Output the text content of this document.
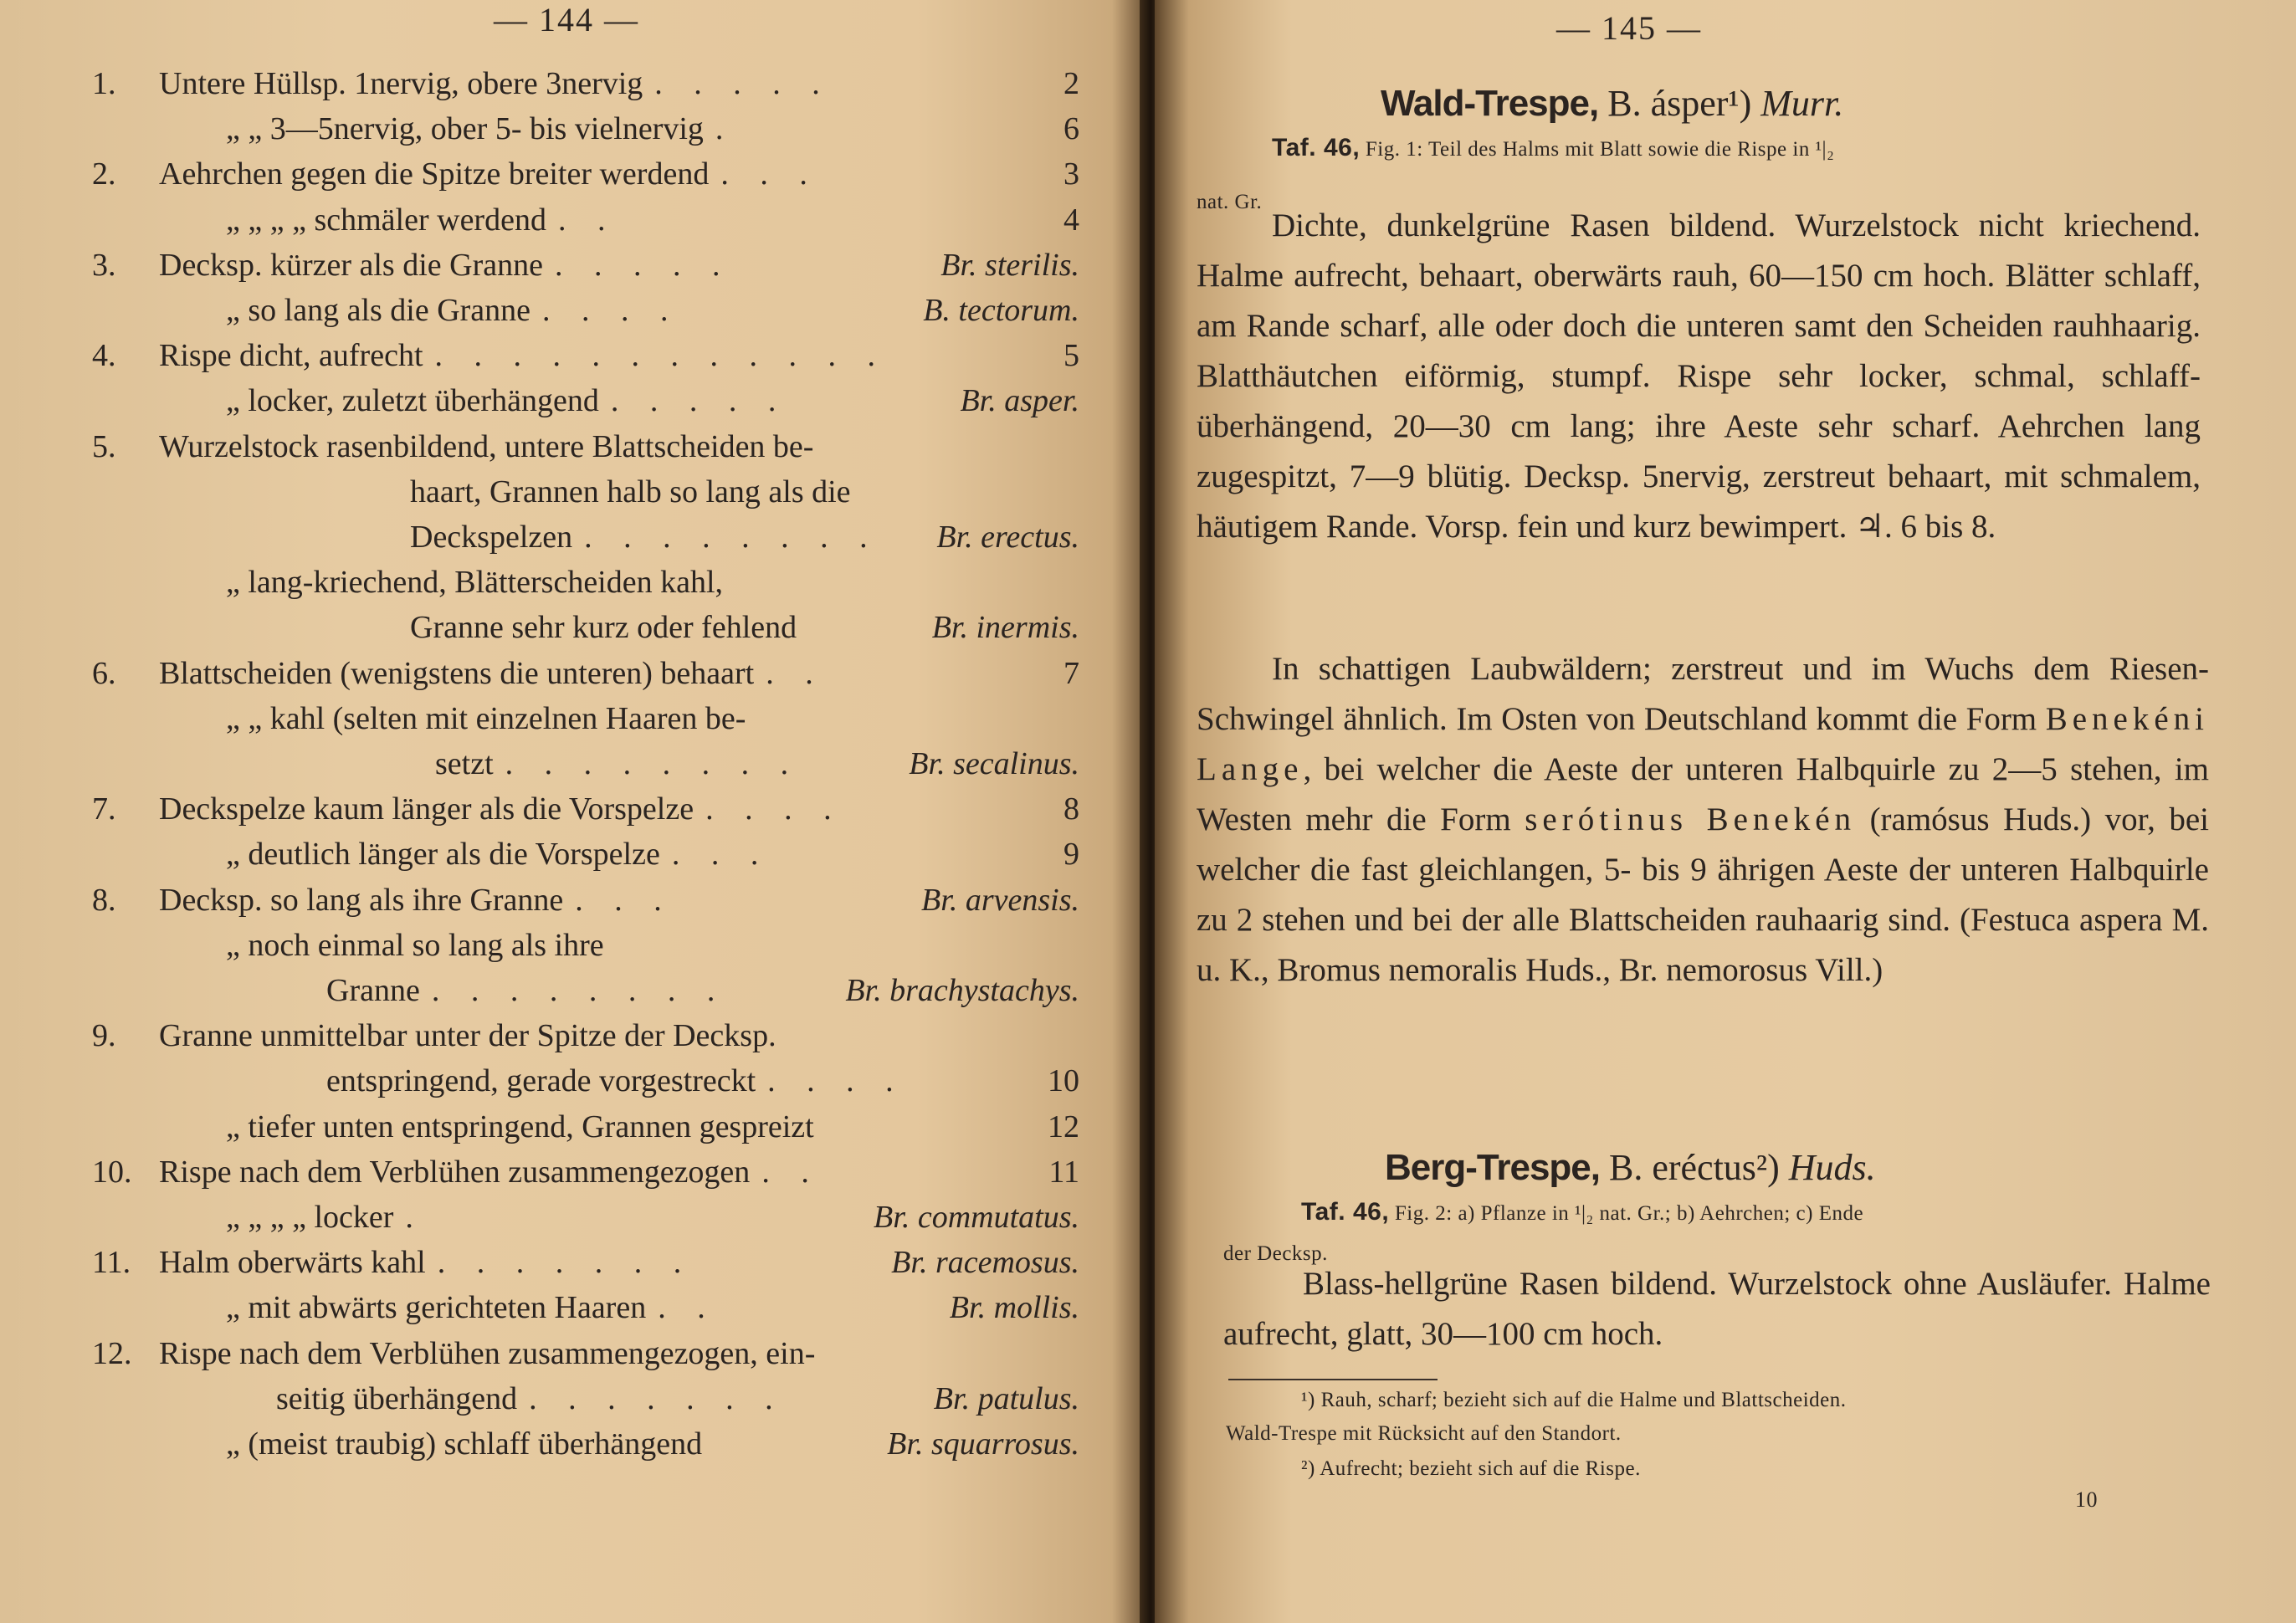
— 144 —
1. Untere Hüllsp. 1nervig, obere 3nervig . . . . .	2
„ „ 3—5nervig, ober 5- bis vielnervig .	6
2. Aehrchen gegen die Spitze breiter werdend . . .	3
„ „ „ „ schmäler werdend . .	4
3. Decksp. kürzer als die Granne . . . . .	Br. sterilis.
„ so lang als die Granne . . . .	B. tectorum.
4. Rispe dicht, aufrecht . . . . . . . . . . . .	5
„ locker, zuletzt überhängend . . . . .	Br. asper.
5. Wurzelstock rasenbildend, untere Blattscheiden be-
haart, Grannen halb so lang als die
Deckspelzen . . . . . . . . Br. erectus.
„ lang-kriechend, Blätterscheiden kahl,
Granne sehr kurz oder fehlend	Br. inermis.
6. Blattscheiden (wenigstens die unteren) behaart . .	7
„ „ kahl (selten mit einzelnen Haaren be-
setzt . . . . . . . .	Br. secalinus.
7. Deckspelze kaum länger als die Vorspelze . . . .	8
„ deutlich länger als die Vorspelze . . .	9
8. Decksp. so lang als ihre Granne . . .	Br. arvensis.
„ noch einmal so lang als ihre
Granne . . . . . . . .	Br. brachystachys.
9. Granne unmittelbar unter der Spitze der Decksp.
entspringend, gerade vorgestreckt . . . .	10
„ tiefer unten entspringend, Grannen gespreizt	12
10. Rispe nach dem Verblühen zusammengezogen . .	11
„ „ „ „ locker .	Br. commutatus.
11. Halm oberwärts kahl . . . . . . .	Br. racemosus.
„ mit abwärts gerichteten Haaren . .	Br. mollis.
12. Rispe nach dem Verblühen zusammengezogen, ein-
seitig überhängend . . . . . . .	Br. patulus.
„ (meist traubig) schlaff überhängend	Br. squarrosus.
— 145 —
Wald-Trespe, B. ásper¹) Murr.
Taf. 46, Fig. 1: Teil des Halms mit Blatt sowie die Rispe in ¹|₂
nat. Gr.
Dichte, dunkelgrüne Rasen bildend. Wurzelstock nicht kriechend. Halme aufrecht, behaart, oberwärts rauh, 60—150 cm hoch. Blätter schlaff, am Rande scharf, alle oder doch die unteren samt den Scheiden rauhhaarig. Blatthäutchen eiförmig, stumpf. Rispe sehr locker, schmal, schlaff-überhängend, 20—30 cm lang; ihre Aeste sehr scharf. Aehrchen lang zugespitzt, 7—9 blütig. Decksp. 5nervig, zerstreut behaart, mit schmalem, häutigem Rande. Vorsp. fein und kurz bewimpert. ♃. 6 bis 8.
In schattigen Laubwäldern; zerstreut und im Wuchs dem Riesen-Schwingel ähnlich. Im Osten von Deutschland kommt die Form Benekéni Lange, bei welcher die Aeste der unteren Halbquirle zu 2—5 stehen, im Westen mehr die Form serótinus Benekén (ramósus Huds.) vor, bei welcher die fast gleichlangen, 5- bis 9 ährigen Aeste der unteren Halbquirle zu 2 stehen und bei der alle Blattscheiden rauhaarig sind. (Festuca aspera M. u. K., Bromus nemoralis Huds., Br. nemorosus Vill.)
Berg-Trespe, B. eréctus²) Huds.
Taf. 46, Fig. 2: a) Pflanze in ¹|₂ nat. Gr.; b) Aehrchen; c) Ende
der Decksp.
Blass-hellgrüne Rasen bildend. Wurzelstock ohne Ausläufer. Halme aufrecht, glatt, 30—100 cm hoch.
¹) Rauh, scharf; bezieht sich auf die Halme und Blattscheiden.
Wald-Trespe mit Rücksicht auf den Standort.
²) Aufrecht; bezieht sich auf die Rispe.
10
